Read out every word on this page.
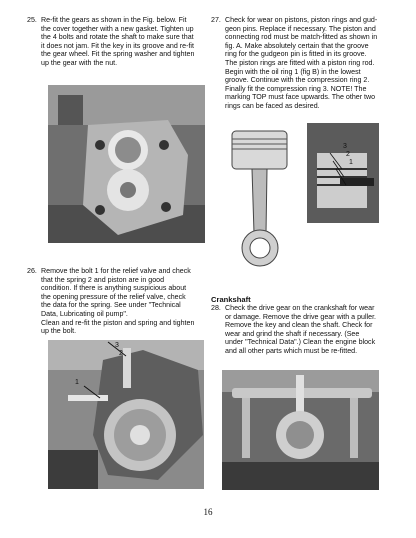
25. Re-fit the gears as shown in the Fig. below. Fit
the cover together with a new gasket. Tighten up
the 4 bolts and rotate the shaft to make sure that
it does not jam. Fit the key in its groove and re-fit
the gear wheel. Fit the spring washer and tighten
up the gear with the nut.
26. Remove the bolt 1 for the relief valve and check
that the spring 2 and piston are in good
condition. If there is anything suspicious about
the opening pressure of the relief valve, check
the data for the spring. See under "Technical
Data, Lubricating oil pump".
Clean and re-fit the piston and spring and tighten
up the bolt.
3
2
1
27. Check for wear on pistons, piston rings and gud-
geon pins. Replace if necessary. The piston and
connecting rod must be match-fitted as shown in
fig. A. Make absolutely certain that the groove
ring for the gudgeon pin is fitted in its groove.
The piston rings are fitted with a piston ring rod.
Begin with the oil ring 1 (fig B) in the lowest
groove. Continue with the compression ring 2.
Finally fit the compression ring 3. NOTE! The
marking TOP must face upwards. The other two
rings can be faced as desired.
3
2
1

Crankshaft

28. Check the drive gear on the crankshaft for wear
or damage. Remove the drive gear with a puller.
Remove the key and clean the shaft. Check for
wear and grind the shaft if necessary. (See
under "Technical Data".) Clean the engine block
and all other parts which must be re-fitted.
16
